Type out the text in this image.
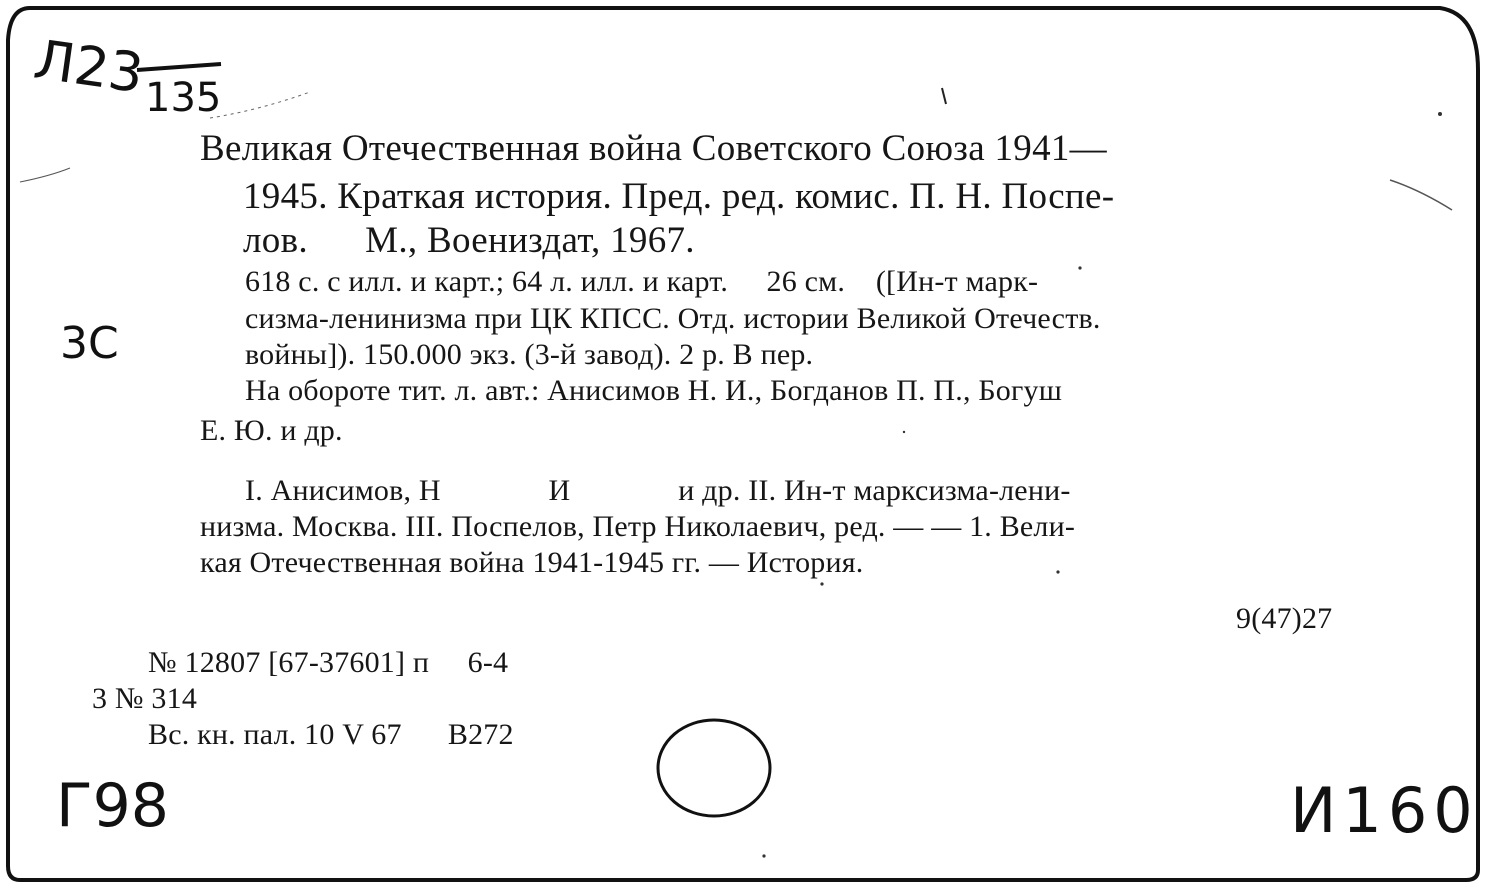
Л23
135
Великая Отечественная война Советского Союза 1941—
1945. Краткая история. Пред. ред. комис. П. Н. Поспе-
лов.      М., Воениздат, 1967.
618 с. с илл. и карт.; 64 л. илл. и карт.     26 см.    ([Ин-т марк-
сизма-ленинизма при ЦК КПСС. Отд. истории Великой Отечеств.
войны]). 150.000 экз. (3-й завод). 2 р. В пер.
На обороте тит. л. авт.: Анисимов Н. И., Богданов П. П., Богуш
Е. Ю. и др.
I. Анисимов, Н              И              и др. II. Ин-т марксизма-лени-
низма. Москва. III. Поспелов, Петр Николаевич, ред. — — 1. Вели-
кая Отечественная война 1941-1945 гг. — История.
9(47)27
№ 12807 [67-37601] п     6-4
3 № 314
Вс. кн. пал. 10 V 67      B272
3С
Г98	И160
